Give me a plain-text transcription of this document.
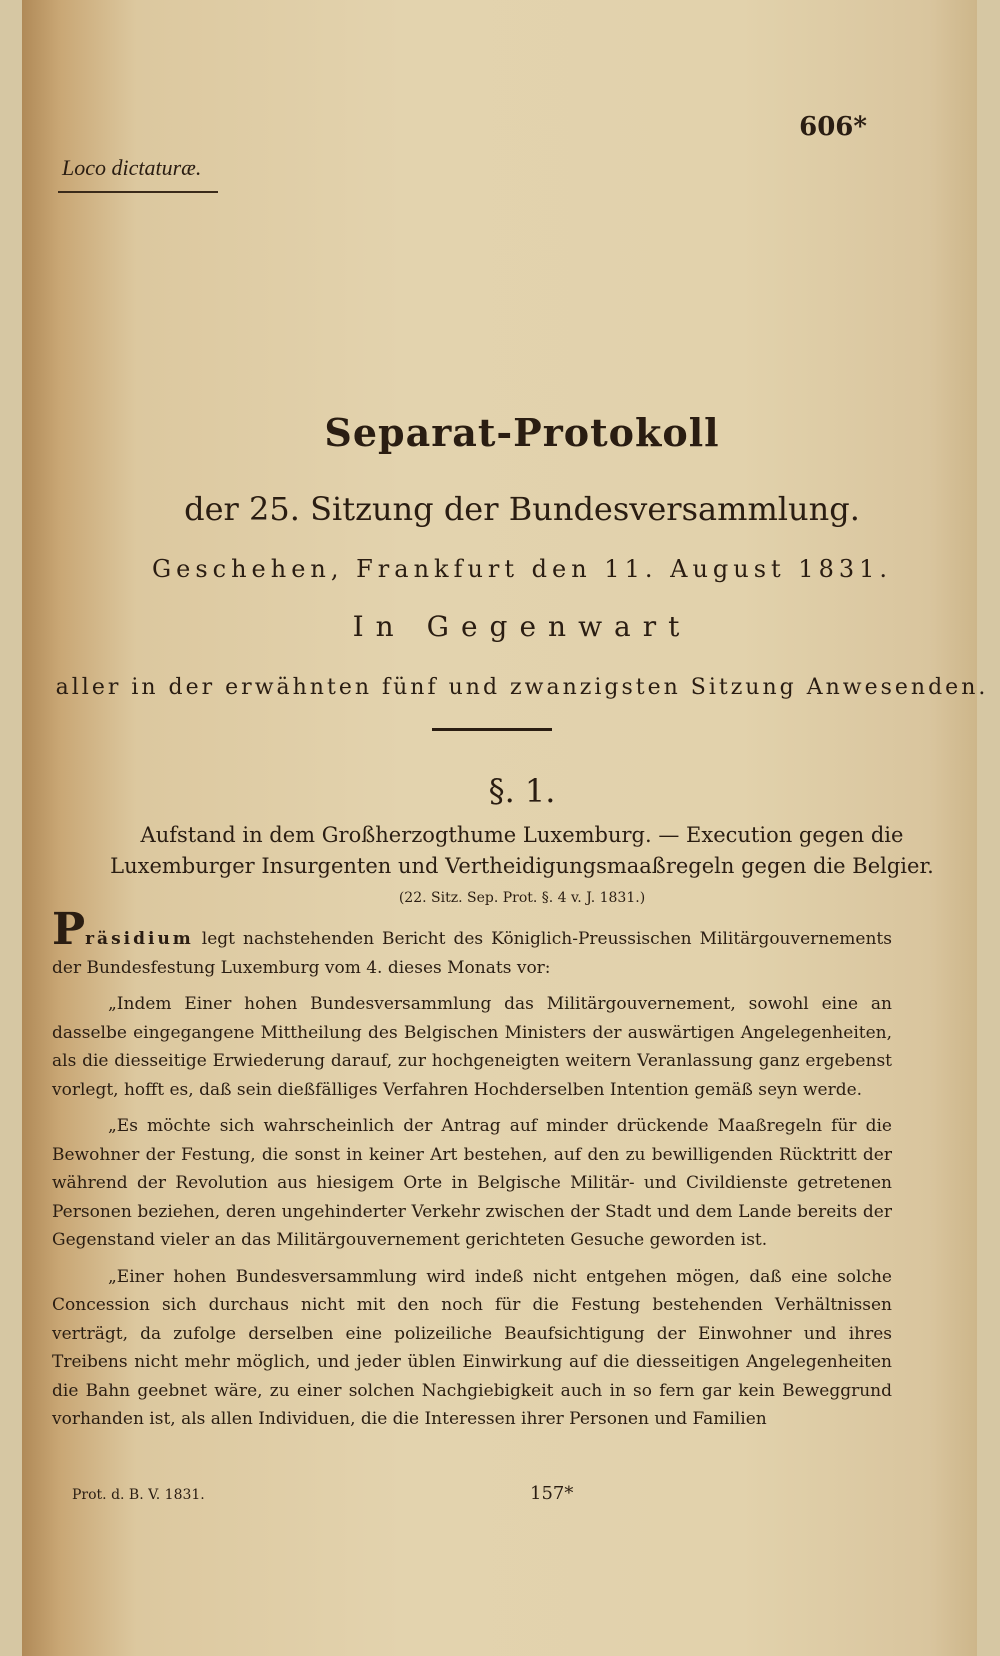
606*
Loco dictaturæ.
Separat-Protokoll
der 25. Sitzung der Bundesversammlung.
Geschehen, Frankfurt den 11. August 1831.
In Gegenwart
aller in der erwähnten fünf und zwanzigsten Sitzung Anwesenden.
§. 1.
Aufstand in dem Großherzogthume Luxemburg. — Execution gegen die Luxemburger Insurgenten und Vertheidigungsmaaßregeln gegen die Belgier.
(22. Sitz. Sep. Prot. §. 4 v. J. 1831.)

Präsidium legt nachstehenden Bericht des Königlich-Preussischen Militärgouvernements der Bundesfestung Luxemburg vom 4. dieses Monats vor:

„Indem Einer hohen Bundesversammlung das Militärgouvernement, sowohl eine an dasselbe eingegangene Mittheilung des Belgischen Ministers der auswärtigen Angelegenheiten, als die diesseitige Erwiederung darauf, zur hochgeneigten weitern Veranlassung ganz ergebenst vorlegt, hofft es, daß sein dießfälliges Verfahren Hochderselben Intention gemäß seyn werde.

„Es möchte sich wahrscheinlich der Antrag auf minder drückende Maaßregeln für die Bewohner der Festung, die sonst in keiner Art bestehen, auf den zu bewilligenden Rücktritt der während der Revolution aus hiesigem Orte in Belgische Militär- und Civildienste getretenen Personen beziehen, deren ungehinderter Verkehr zwischen der Stadt und dem Lande bereits der Gegenstand vieler an das Militärgouvernement gerichteten Gesuche geworden ist.

„Einer hohen Bundesversammlung wird indeß nicht entgehen mögen, daß eine solche Concession sich durchaus nicht mit den noch für die Festung bestehenden Verhältnissen verträgt, da zufolge derselben eine polizeiliche Beaufsichtigung der Einwohner und ihres Treibens nicht mehr möglich, und jeder üblen Einwirkung auf die diesseitigen Angelegenheiten die Bahn geebnet wäre, zu einer solchen Nachgiebigkeit auch in so fern gar kein Beweggrund vorhanden ist, als allen Individuen, die die Interessen ihrer Personen und Familien

Prot. d. B. V. 1831.	157*
